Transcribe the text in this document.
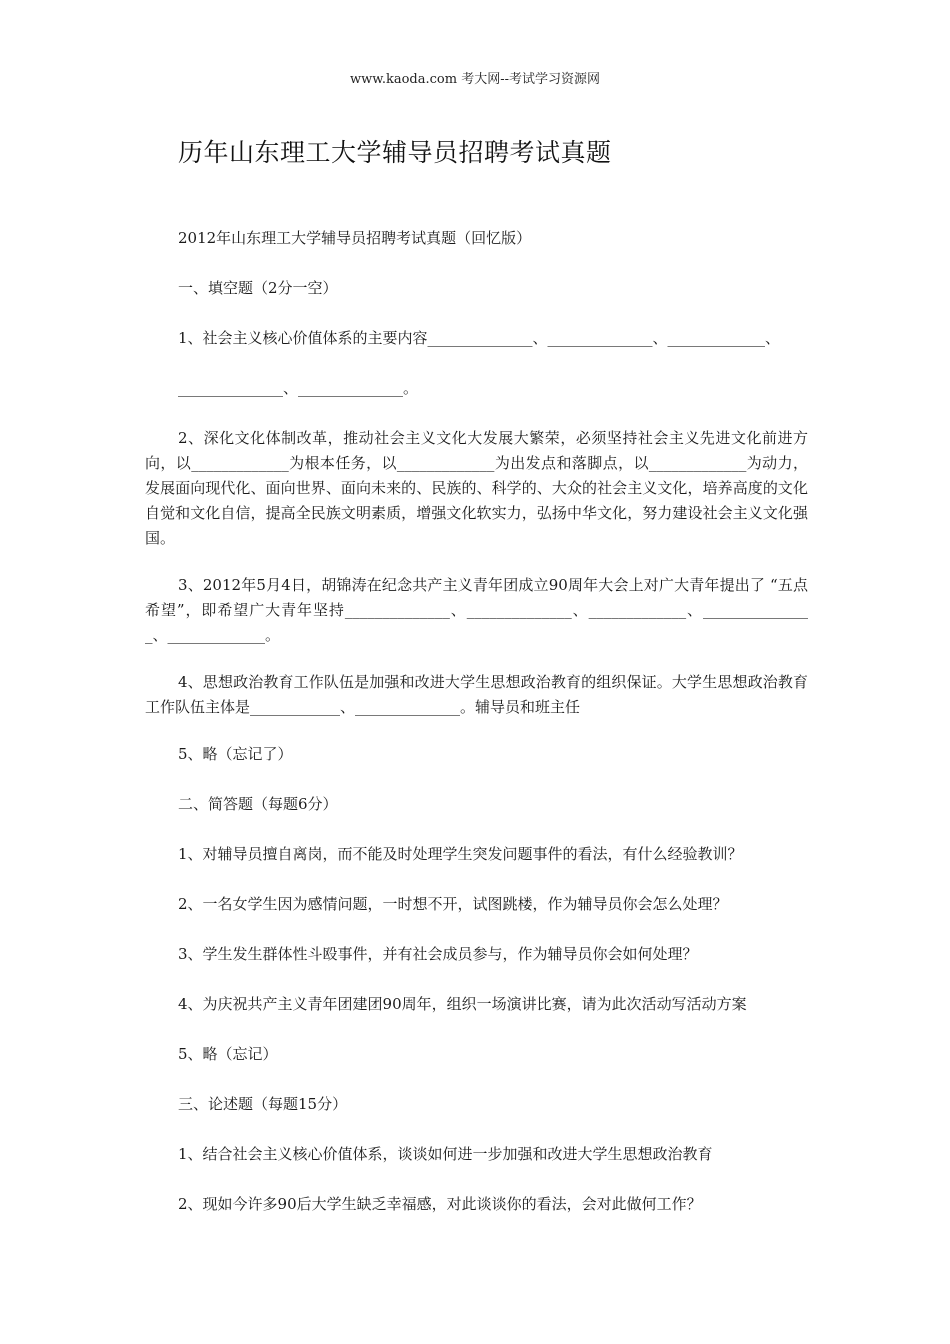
www.kaoda.com 考大网--考试学习资源网
历年山东理工大学辅导员招聘考试真题

2012年山东理工大学辅导员招聘考试真题（回忆版）

一、填空题（2分一空）

1、社会主义核心价值体系的主要内容______________、______________、_____________、

______________、______________。

2、深化文化体制改革，推动社会主义文化大发展大繁荣，必须坚持社会主义先进文化前进方向，以_____________为根本任务，以_____________为出发点和落脚点，以_____________为动力，发展面向现代化、面向世界、面向未来的、民族的、科学的、大众的社会主义文化，培养高度的文化自觉和文化自信，提高全民族文明素质，增强文化软实力，弘扬中华文化，努力建设社会主义文化强国。

3、2012年5月4日，胡锦涛在纪念共产主义青年团成立90周年大会上对广大青年提出了 “五点希望”，即希望广大青年坚持______________、______________、_____________、_______________、_____________。

4、思想政治教育工作队伍是加强和改进大学生思想政治教育的组织保证。大学生思想政治教育工作队伍主体是____________、______________。辅导员和班主任

5、略（忘记了）

二、简答题（每题6分）

1、对辅导员擅自离岗，而不能及时处理学生突发问题事件的看法，有什么经验教训？

2、一名女学生因为感情问题，一时想不开，试图跳楼，作为辅导员你会怎么处理？

3、学生发生群体性斗殴事件，并有社会成员参与，作为辅导员你会如何处理？

4、为庆祝共产主义青年团建团90周年，组织一场演讲比赛，请为此次活动写活动方案

5、略（忘记）

三、论述题（每题15分）

1、结合社会主义核心价值体系，谈谈如何进一步加强和改进大学生思想政治教育

2、现如今许多90后大学生缺乏幸福感，对此谈谈你的看法，会对此做何工作？
